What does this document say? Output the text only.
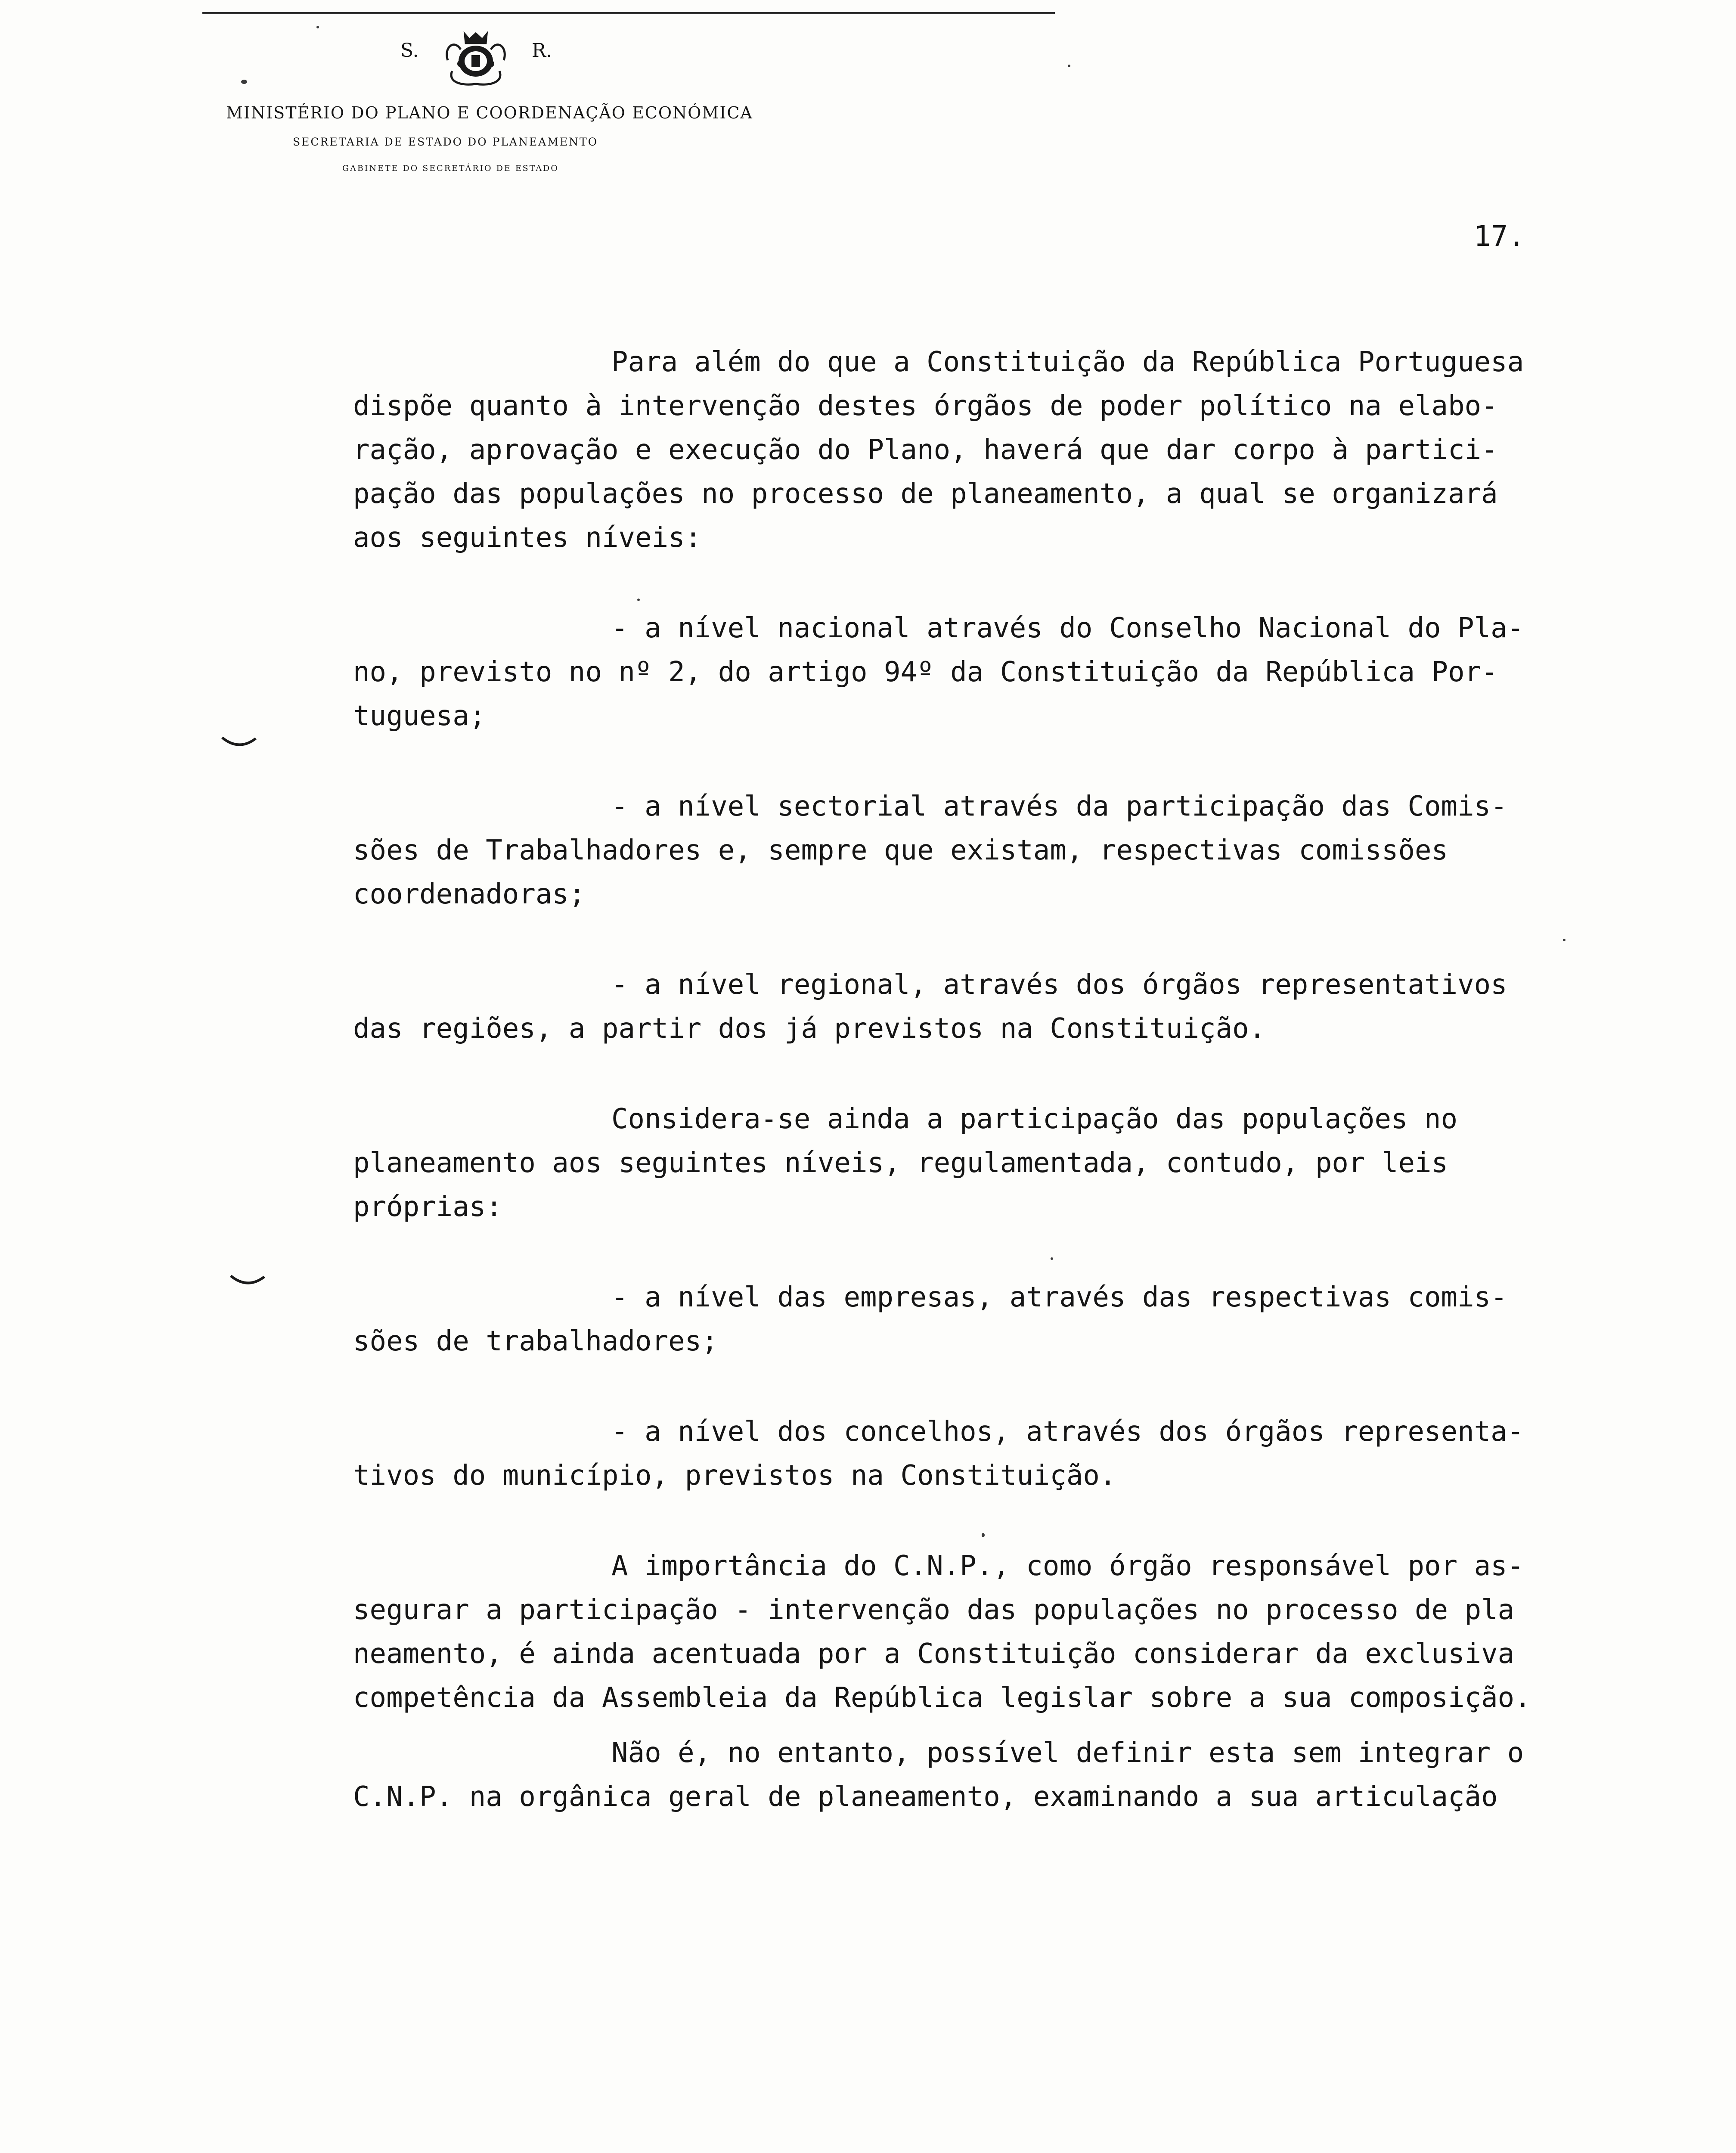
S.	R.
MINISTÉRIO DO PLANO E COORDENAÇÃO ECONÓMICA
SECRETARIA DE ESTADO DO PLANEAMENTO
GABINETE DO SECRETÁRIO DE ESTADO
17.

Para além do que a Constituição da República Portuguesa

dispõe quanto à intervenção destes órgãos de poder político na elabo-

ração, aprovação e execução do Plano, haverá que dar corpo à partici-

pação das populações no processo de planeamento, a qual se organizará

aos seguintes níveis:

- a nível nacional através do Conselho Nacional do Pla-

no, previsto no nº 2, do artigo 94º da Constituição da República Por-

tuguesa;

- a nível sectorial através da participação das Comis-

sões de Trabalhadores e, sempre que existam, respectivas comissões

coordenadoras;

- a nível regional, através dos órgãos representativos

das regiões, a partir dos já previstos na Constituição.

Considera-se ainda a participação das populações no

planeamento aos seguintes níveis, regulamentada, contudo, por leis

próprias:

- a nível das empresas, através das respectivas comis-

sões de trabalhadores;

- a nível dos concelhos, através dos órgãos representa-

tivos do município, previstos na Constituição.

A importância do C.N.P., como órgão responsável por as-

segurar a participação - intervenção das populações no processo de pla

neamento, é ainda acentuada por a Constituição considerar da exclusiva

competência da Assembleia da República legislar sobre a sua composição.

Não é, no entanto, possível definir esta sem integrar o

C.N.P. na orgânica geral de planeamento, examinando a sua articulação
